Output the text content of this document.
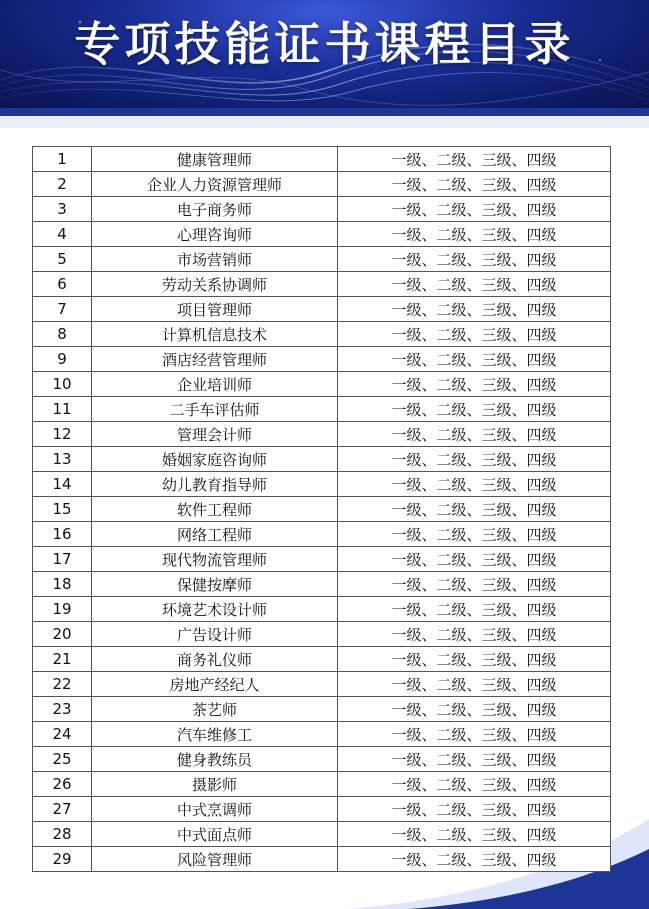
专项技能证书课程目录
1	健康管理师	一级、二级、三级、四级
2	企业人力资源管理师	一级、二级、三级、四级
3	电子商务师	一级、二级、三级、四级
4	心理咨询师	一级、二级、三级、四级
5	市场营销师	一级、二级、三级、四级
6	劳动关系协调师	一级、二级、三级、四级
7	项目管理师	一级、二级、三级、四级
8	计算机信息技术	一级、二级、三级、四级
9	酒店经营管理师	一级、二级、三级、四级
10	企业培训师	一级、二级、三级、四级
11	二手车评估师	一级、二级、三级、四级
12	管理会计师	一级、二级、三级、四级
13	婚姻家庭咨询师	一级、二级、三级、四级
14	幼儿教育指导师	一级、二级、三级、四级
15	软件工程师	一级、二级、三级、四级
16	网络工程师	一级、二级、三级、四级
17	现代物流管理师	一级、二级、三级、四级
18	保健按摩师	一级、二级、三级、四级
19	环境艺术设计师	一级、二级、三级、四级
20	广告设计师	一级、二级、三级、四级
21	商务礼仪师	一级、二级、三级、四级
22	房地产经纪人	一级、二级、三级、四级
23	茶艺师	一级、二级、三级、四级
24	汽车维修工	一级、二级、三级、四级
25	健身教练员	一级、二级、三级、四级
26	摄影师	一级、二级、三级、四级
27	中式烹调师	一级、二级、三级、四级
28	中式面点师	一级、二级、三级、四级
29	风险管理师	一级、二级、三级、四级
